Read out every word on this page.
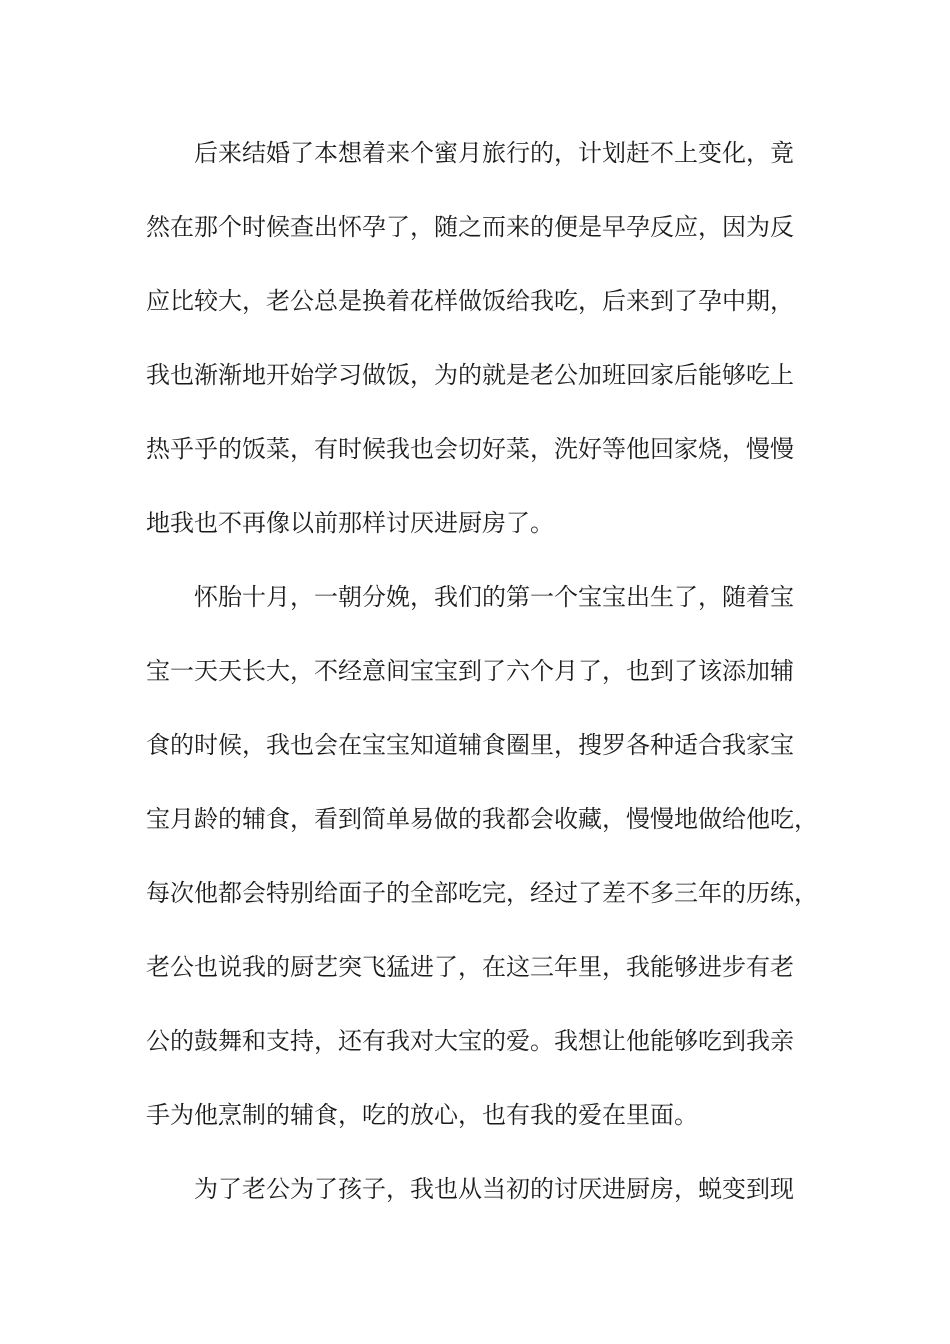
后来结婚了本想着来个蜜月旅行的，计划赶不上变化，竟
然在那个时候查出怀孕了，随之而来的便是早孕反应，因为反
应比较大，老公总是换着花样做饭给我吃，后来到了孕中期，
我也渐渐地开始学习做饭，为的就是老公加班回家后能够吃上
热乎乎的饭菜，有时候我也会切好菜，洗好等他回家烧，慢慢
地我也不再像以前那样讨厌进厨房了。
怀胎十月，一朝分娩，我们的第一个宝宝出生了，随着宝
宝一天天长大，不经意间宝宝到了六个月了，也到了该添加辅
食的时候，我也会在宝宝知道辅食圈里，搜罗各种适合我家宝
宝月龄的辅食，看到简单易做的我都会收藏，慢慢地做给他吃，
每次他都会特别给面子的全部吃完，经过了差不多三年的历练，
老公也说我的厨艺突飞猛进了，在这三年里，我能够进步有老
公的鼓舞和支持，还有我对大宝的爱。我想让他能够吃到我亲
手为他烹制的辅食，吃的放心，也有我的爱在里面。
为了老公为了孩子，我也从当初的讨厌进厨房，蜕变到现
